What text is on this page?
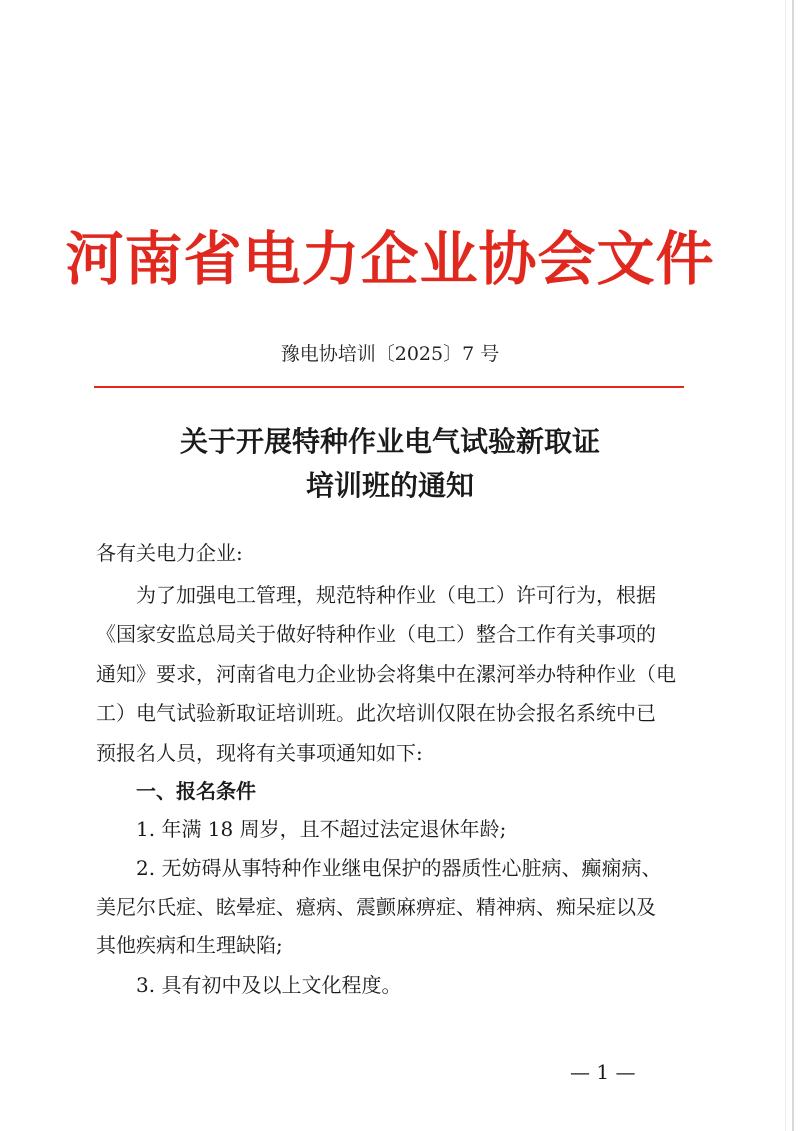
河南省电力企业协会文件
豫电协培训〔2025〕7 号
关于开展特种作业电气试验新取证
培训班的通知
各有关电力企业:
为了加强电工管理，规范特种作业（电工）许可行为，根据
《国家安监总局关于做好特种作业（电工）整合工作有关事项的
通知》要求，河南省电力企业协会将集中在漯河举办特种作业（电
工）电气试验新取证培训班。此次培训仅限在协会报名系统中已
预报名人员，现将有关事项通知如下:
一、报名条件
1. 年满 18 周岁，且不超过法定退休年龄;
2. 无妨碍从事特种作业继电保护的器质性心脏病、癫痫病、
美尼尔氏症、眩晕症、癔病、震颤麻痹症、精神病、痴呆症以及
其他疾病和生理缺陷;
3. 具有初中及以上文化程度。
— 1 —
